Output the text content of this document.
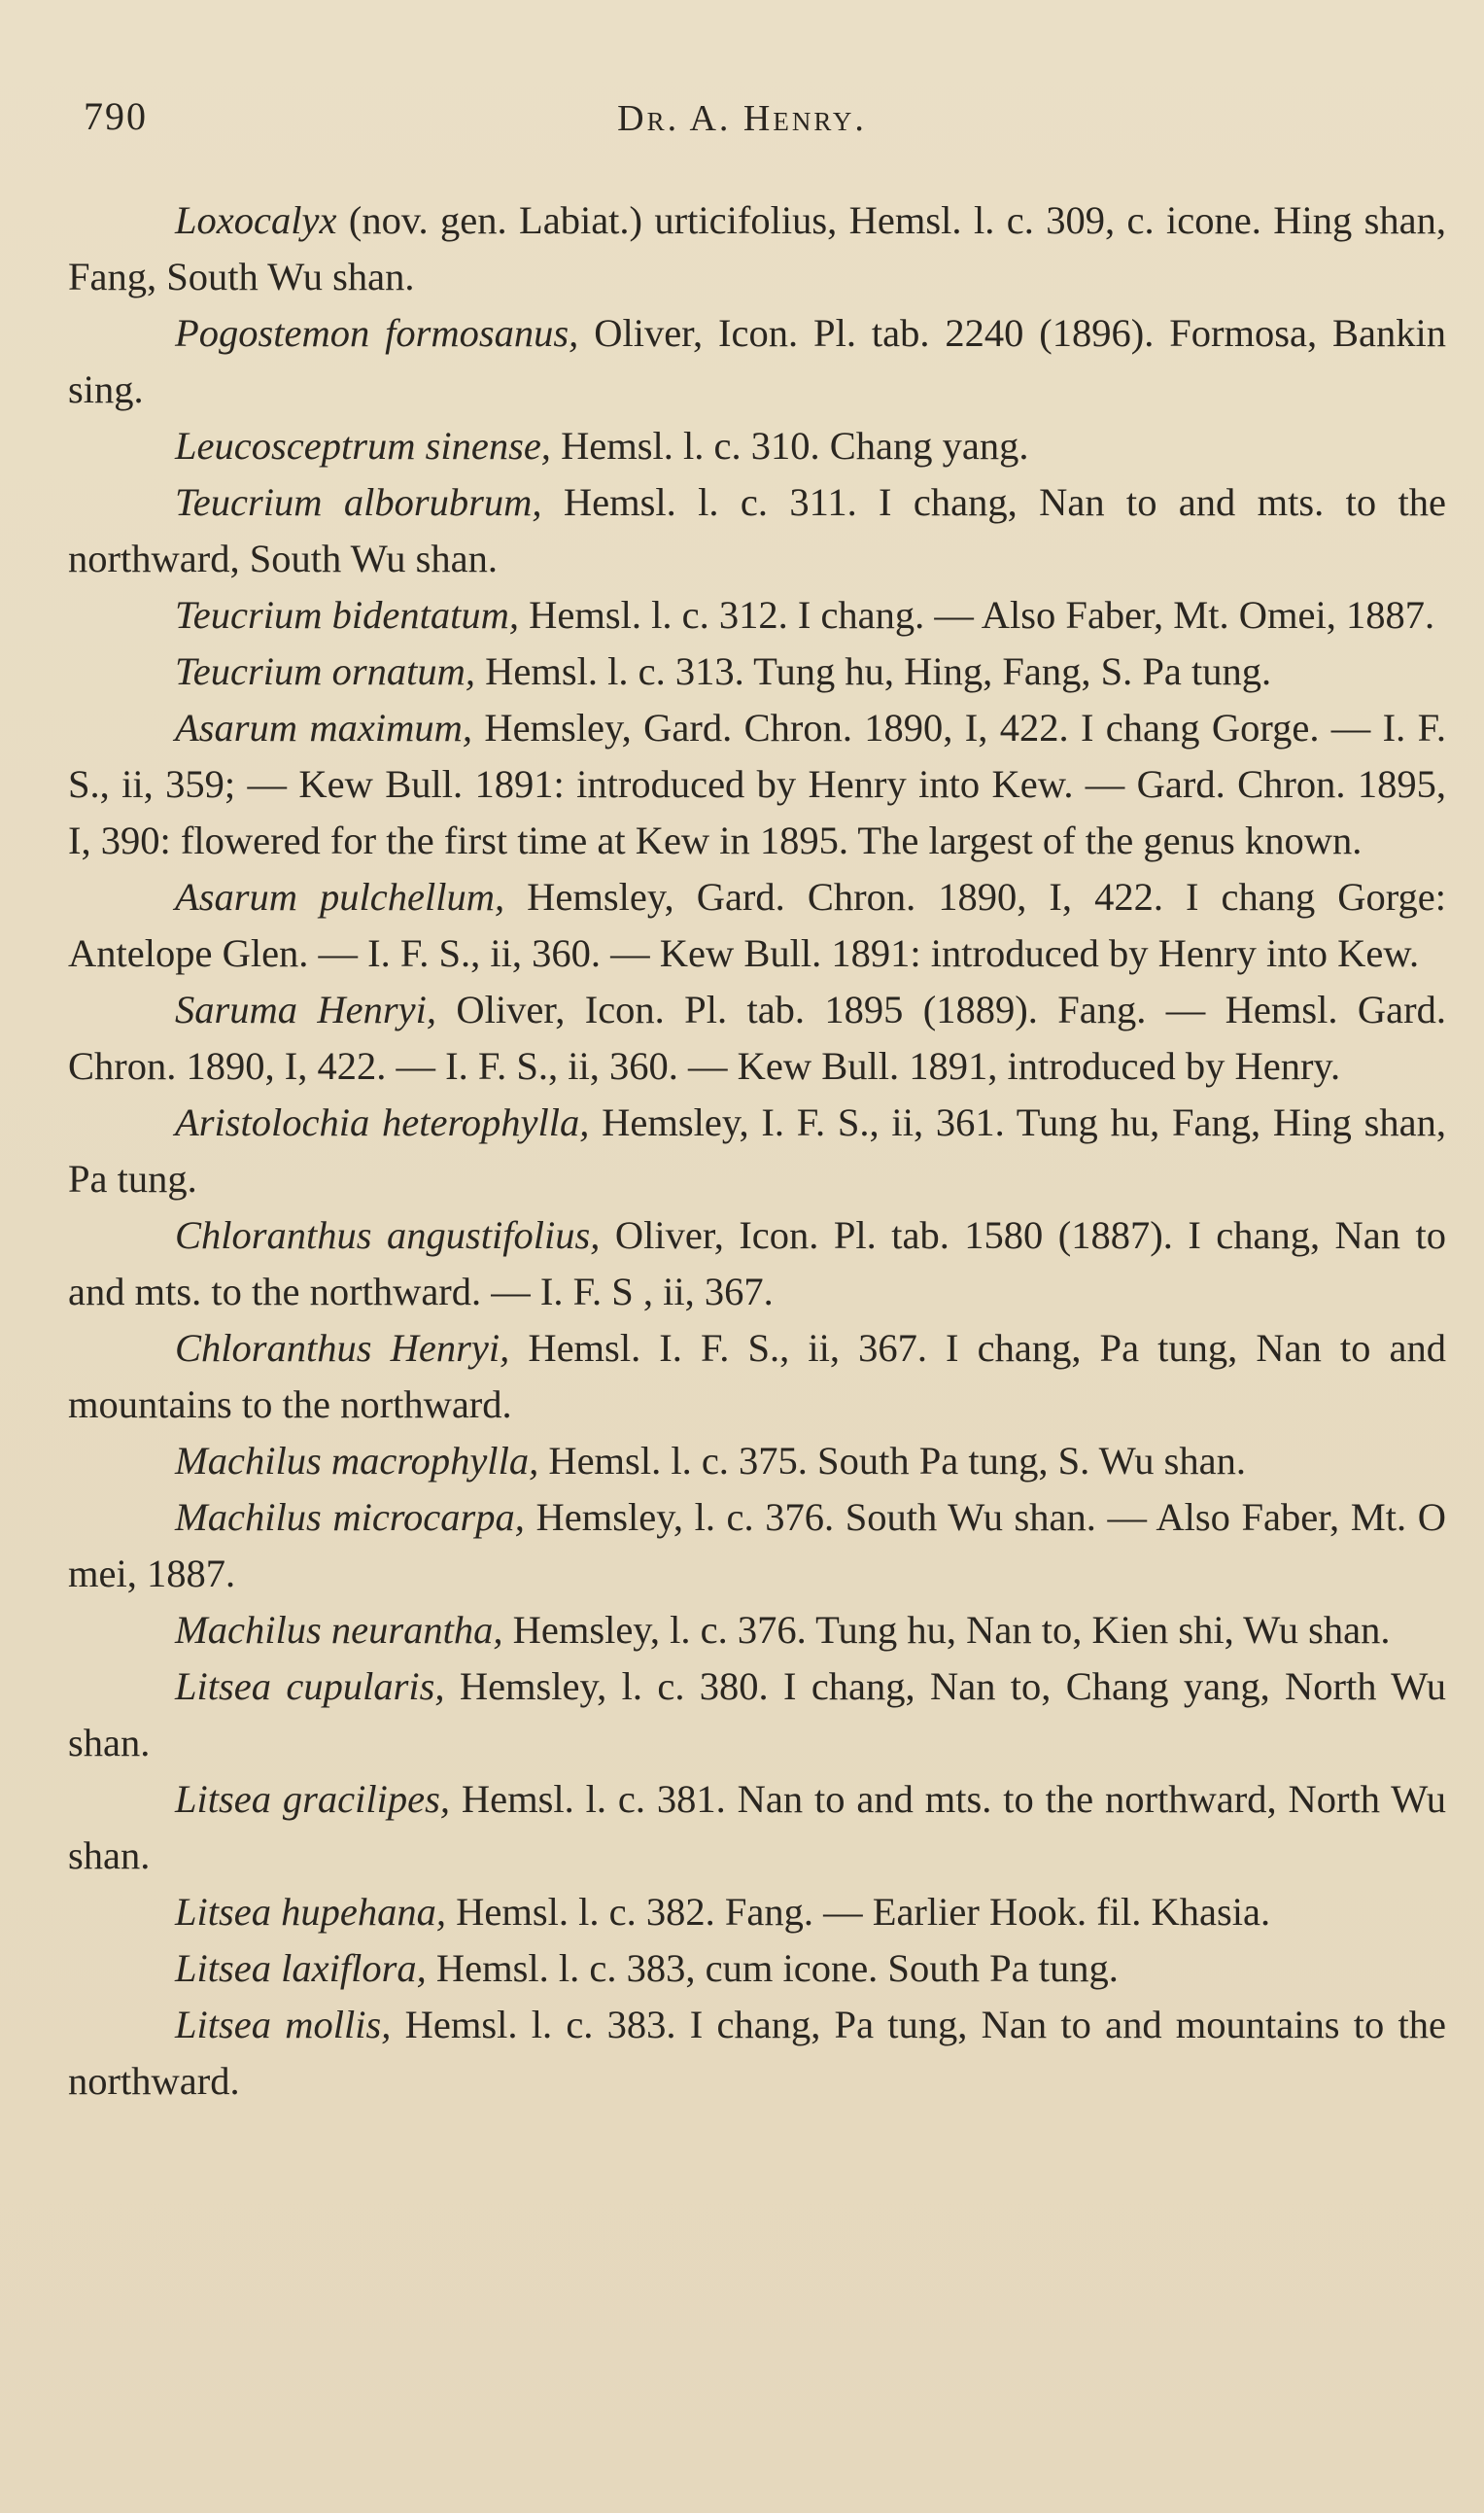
790	Dr. A. Henry.

Loxocalyx (nov. gen. Labiat.) urticifolius, Hemsl. l. c. 309, c. icone. Hing shan, Fang, South Wu shan.

Pogostemon formosanus, Oliver, Icon. Pl. tab. 2240 (1896). Formosa, Bankin sing.

Leucosceptrum sinense, Hemsl. l. c. 310. Chang yang.

Teucrium alborubrum, Hemsl. l. c. 311. I chang, Nan to and mts. to the northward, South Wu shan.

Teucrium bidentatum, Hemsl. l. c. 312. I chang. — Also Faber, Mt. Omei, 1887.

Teucrium ornatum, Hemsl. l. c. 313. Tung hu, Hing, Fang, S. Pa tung.

Asarum maximum, Hemsley, Gard. Chron. 1890, I, 422. I chang Gorge. — I. F. S., ii, 359; — Kew Bull. 1891: introduced by Henry into Kew. — Gard. Chron. 1895, I, 390: flowered for the first time at Kew in 1895. The largest of the genus known.

Asarum pulchellum, Hemsley, Gard. Chron. 1890, I, 422. I chang Gorge: Antelope Glen. — I. F. S., ii, 360. — Kew Bull. 1891: introduced by Henry into Kew.

Saruma Henryi, Oliver, Icon. Pl. tab. 1895 (1889). Fang. — Hemsl. Gard. Chron. 1890, I, 422. — I. F. S., ii, 360. — Kew Bull. 1891, introduced by Henry.

Aristolochia heterophylla, Hemsley, I. F. S., ii, 361. Tung hu, Fang, Hing shan, Pa tung.

Chloranthus angustifolius, Oliver, Icon. Pl. tab. 1580 (1887). I chang, Nan to and mts. to the northward. — I. F. S , ii, 367.

Chloranthus Henryi, Hemsl. I. F. S., ii, 367. I chang, Pa tung, Nan to and mountains to the northward.

Machilus macrophylla, Hemsl. l. c. 375. South Pa tung, S. Wu shan.

Machilus microcarpa, Hemsley, l. c. 376. South Wu shan. — Also Faber, Mt. O mei, 1887.

Machilus neurantha, Hemsley, l. c. 376. Tung hu, Nan to, Kien shi, Wu shan.

Litsea cupularis, Hemsley, l. c. 380. I chang, Nan to, Chang yang, North Wu shan.

Litsea gracilipes, Hemsl. l. c. 381. Nan to and mts. to the northward, North Wu shan.

Litsea hupehana, Hemsl. l. c. 382. Fang. — Earlier Hook. fil. Khasia.

Litsea laxiflora, Hemsl. l. c. 383, cum icone. South Pa tung.

Litsea mollis, Hemsl. l. c. 383. I chang, Pa tung, Nan to and mountains to the northward.
